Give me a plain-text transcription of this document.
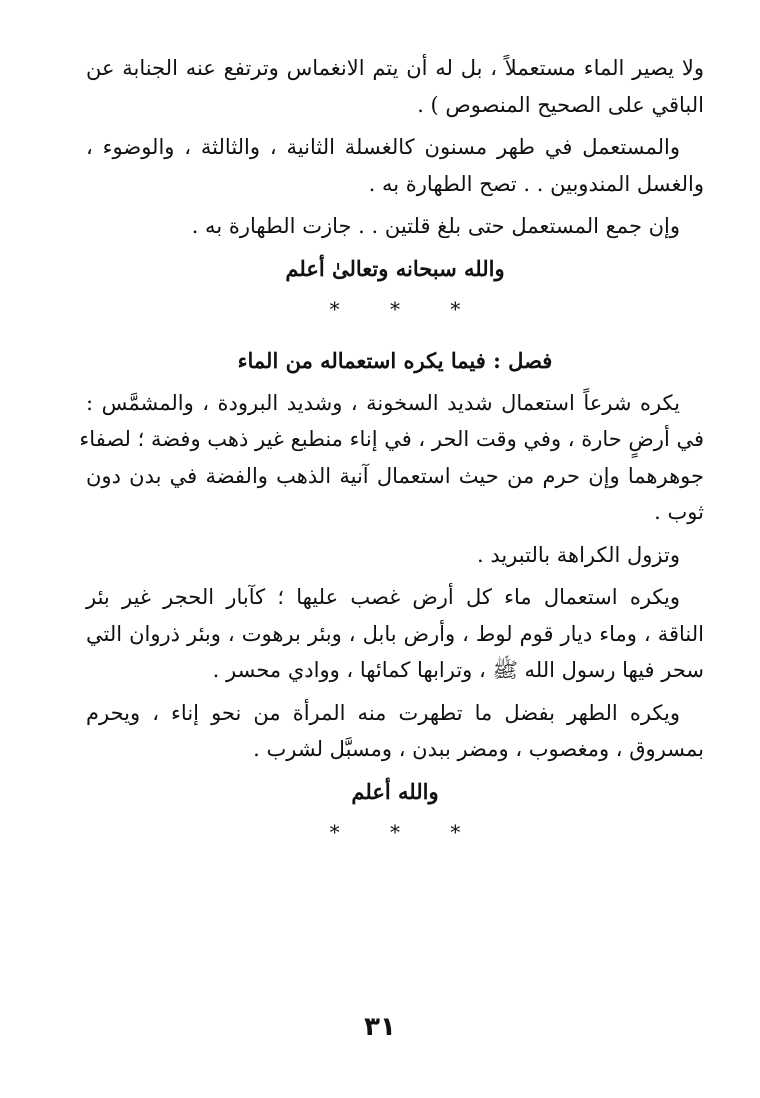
ولا يصير الماء مستعملاً ، بل له أن يتم الانغماس وترتفع عنه الجنابة عن
الباقي على الصحيح المنصوص ) .

والمستعمل في طهر مسنون كالغسلة الثانية ، والثالثة ، والوضوء ،
والغسل المندوبين . . تصح الطهارة به .

وإن جمع المستعمل حتى بلغ قلتين . . جازت الطهارة به .

والله سبحانه وتعالىٰ أعلم
* * *
فصل : فيما يكره استعماله من الماء

يكره شرعاً استعمال شديد السخونة ، وشديد البرودة ، والمشمَّس :
في أرضٍ حارة ، وفي وقت الحر ، في إناء منطبع غير ذهب وفضة ؛ لصفاء
جوهرهما وإن حرم من حيث استعمال آنية الذهب والفضة في بدن دون
ثوب .

وتزول الكراهة بالتبريد .

ويكره استعمال ماء كل أرض غصب عليها ؛ كآبار الحجر غير بئر
الناقة ، وماء ديار قوم لوط ، وأرض بابل ، وبئر برهوت ، وبئر ذروان التي
سحر فيها رسول الله ﷺ ، وترابها كمائها ، ووادي محسر .

ويكره الطهر بفضل ما تطهرت منه المرأة من نحو إناء ، ويحرم
بمسروق ، ومغصوب ، ومضر ببدن ، ومسبَّل لشرب .

والله أعلم
* * *
٣١
